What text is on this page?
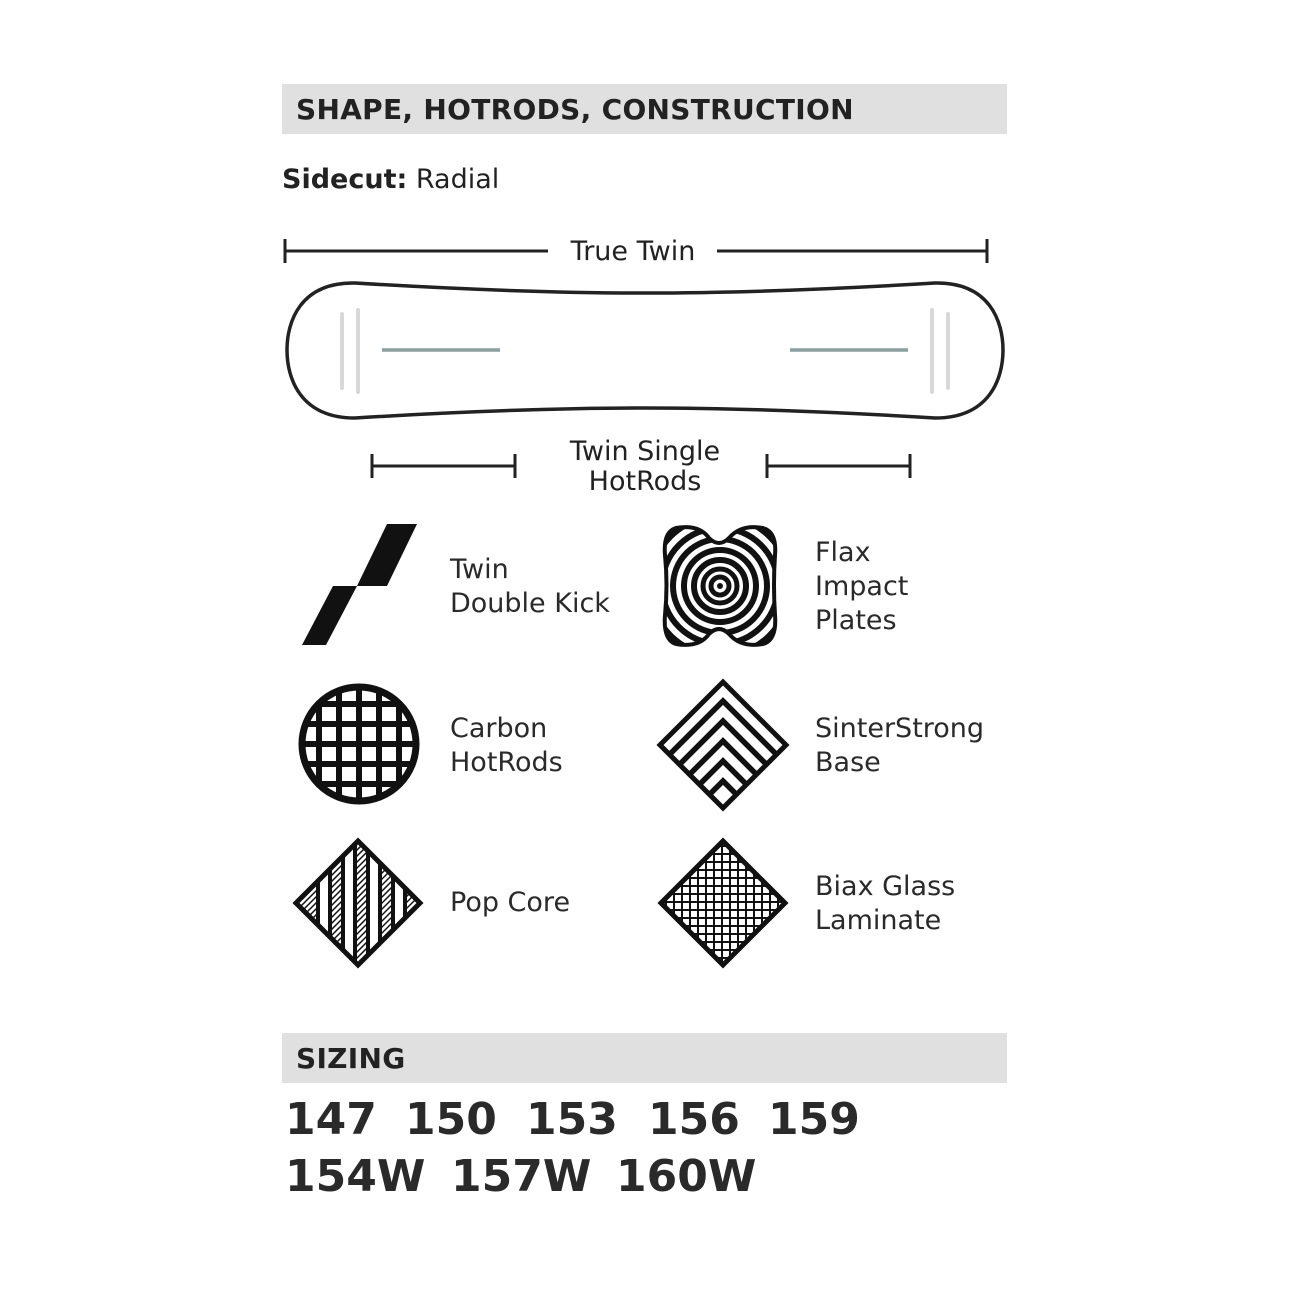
SHAPE, HOTRODS, CONSTRUCTION
Sidecut: Radial
True Twin
Twin Single
HotRods
Twin
Double Kick
Flax
Impact
Plates
Carbon
HotRods
SinterStrong
Base
Pop Core
Biax Glass
Laminate
SIZING
147 150 153 156 159
154W 157W 160W
